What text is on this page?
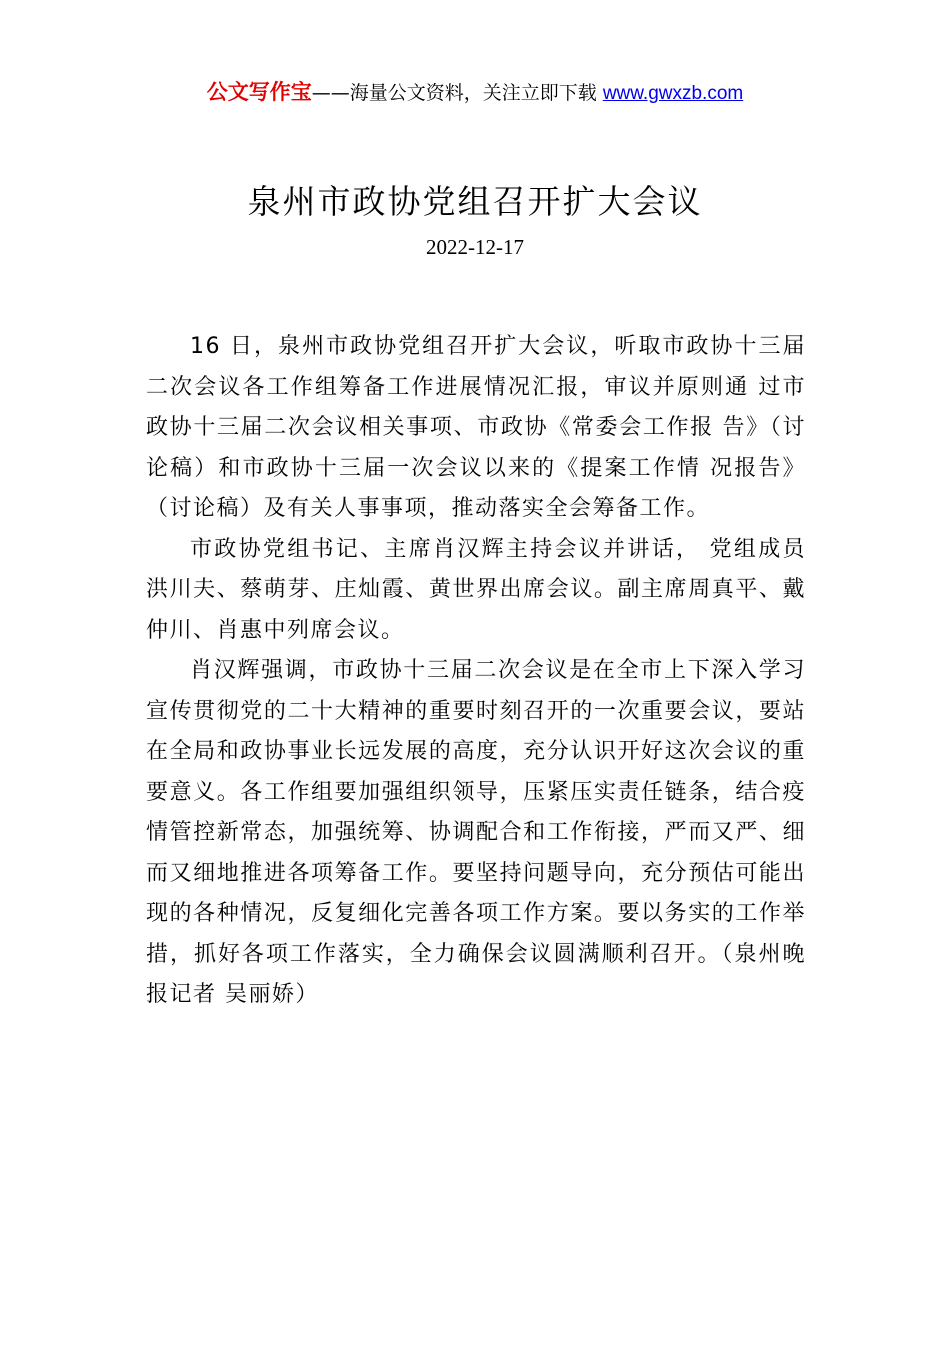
公文写作宝——海量公文资料，关注立即下载 www.gwxzb.com
泉州市政协党组召开扩大会议
2022-12-17

16 日，泉州市政协党组召开扩大会议，听取市政协十三届二次会议各工作组筹备工作进展情况汇报，审议并原则通 过市政协十三届二次会议相关事项、市政协《常委会工作报 告》（讨论稿）和市政协十三届一次会议以来的《提案工作情 况报告》（讨论稿）及有关人事事项，推动落实全会筹备工作。

市政协党组书记、主席肖汉辉主持会议并讲话， 党组成员洪川夫、蔡萌芽、庄灿霞、黄世界出席会议。副主席周真平、戴仲川、肖惠中列席会议。

肖汉辉强调，市政协十三届二次会议是在全市上下深入学习宣传贯彻党的二十大精神的重要时刻召开的一次重要会议，要站在全局和政协事业长远发展的高度，充分认识开好这次会议的重要意义。各工作组要加强组织领导，压紧压实责任链条，结合疫情管控新常态，加强统筹、协调配合和工作衔接，严而又严、细而又细地推进各项筹备工作。要坚持问题导向，充分预估可能出现的各种情况，反复细化完善各项工作方案。要以务实的工作举措，抓好各项工作落实，全力确保会议圆满顺利召开。（泉州晚报记者 吴丽娇）
